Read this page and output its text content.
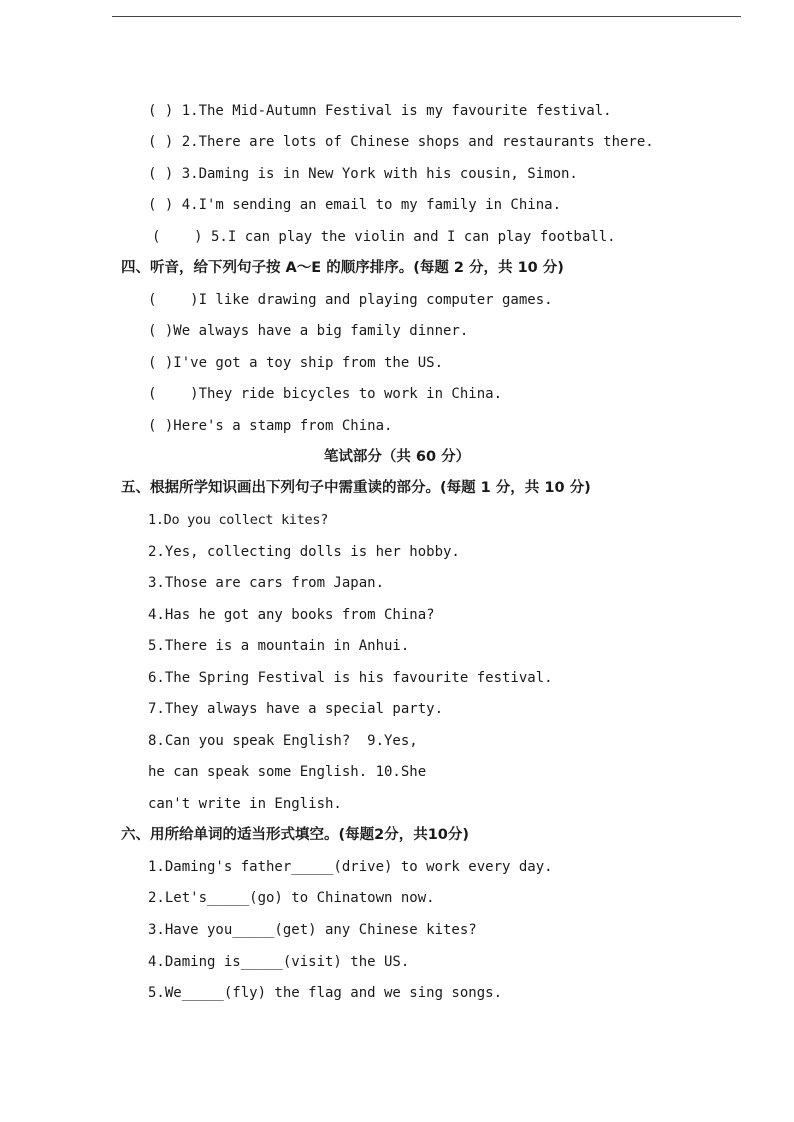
( ) 1.The Mid-Autumn Festival is my favourite festival.
( ) 2.There are lots of Chinese shops and restaurants there.
( ) 3.Daming is in New York with his cousin, Simon.
( ) 4.I'm sending an email to my family in China.
(    ) 5.I can play the violin and I can play football.
四、听音，给下列句子按 A～E 的顺序排序。(每题 2 分，共 10 分)
(    )I like drawing and playing computer games.
( )We always have a big family dinner.
( )I've got a toy ship from the US.
(    )They ride bicycles to work in China.
( )Here's a stamp from China.
笔试部分（共 60 分）
五、根据所学知识画出下列句子中需重读的部分。(每题 1 分，共 10 分)
1.Do you collect kites?
2.Yes, collecting dolls is her hobby.
3.Those are cars from Japan.
4.Has he got any books from China?
5.There is a mountain in Anhui.
6.The Spring Festival is his favourite festival.
7.They always have a special party.
8.Can you speak English?  9.Yes,
he can speak some English. 10.She
can't write in English.
六、用所给单词的适当形式填空。(每题2分，共10分)
1.Daming's father_____(drive) to work every day.
2.Let's_____(go) to Chinatown now.
3.Have you_____(get) any Chinese kites?
4.Daming is_____(visit) the US.
5.We_____(fly) the flag and we sing songs.
